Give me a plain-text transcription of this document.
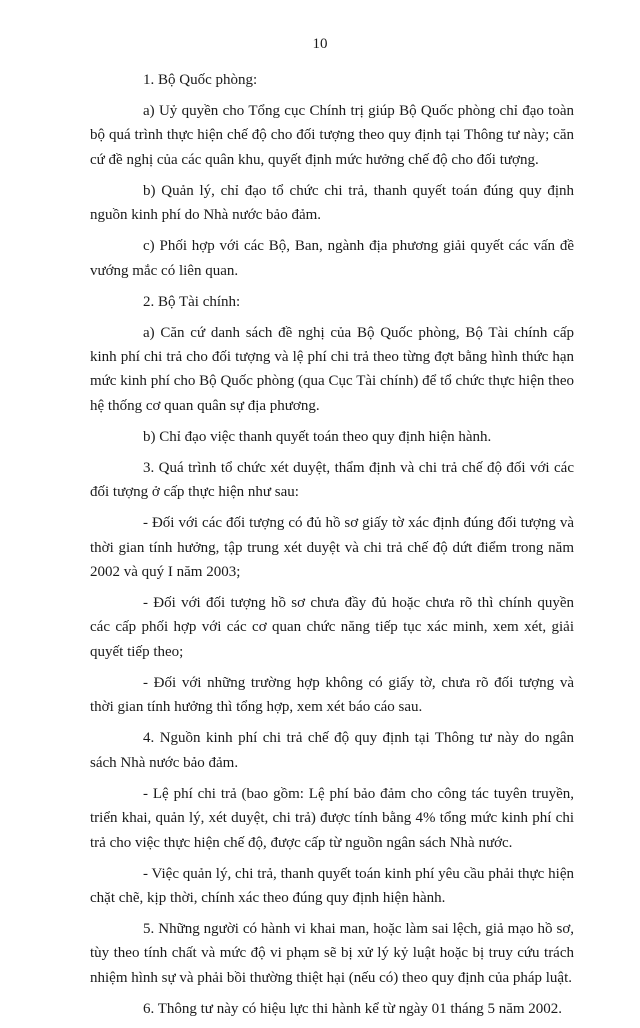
10

1. Bộ Quốc phòng:

a) Uỷ quyền cho Tổng cục Chính trị giúp Bộ Quốc phòng chỉ đạo toàn bộ quá trình thực hiện chế độ cho đối tượng theo quy định tại Thông tư này; căn cứ đề nghị của các quân khu, quyết định mức hưởng chế độ cho đối tượng.

b) Quản lý, chỉ đạo tổ chức chi trả, thanh quyết toán đúng quy định nguồn kinh phí do Nhà nước bảo đảm.

c) Phối hợp với các Bộ, Ban, ngành địa phương giải quyết các vấn đề vướng mắc có liên quan.

2. Bộ Tài chính:

a) Căn cứ danh sách đề nghị của Bộ Quốc phòng, Bộ Tài chính cấp kinh phí chi trả cho đối tượng và lệ phí chi trả theo từng đợt bằng hình thức hạn mức kinh phí cho Bộ Quốc phòng (qua Cục Tài chính) để tổ chức thực hiện theo hệ thống cơ quan quân sự địa phương.

b) Chỉ đạo việc thanh quyết toán theo quy định hiện hành.

3. Quá trình tổ chức xét duyệt, thẩm định và chi trả chế độ đối với các đối tượng ở cấp thực hiện như sau:

- Đối với các đối tượng có đủ hồ sơ giấy tờ xác định đúng đối tượng và thời gian tính hưởng, tập trung xét duyệt và chi trả chế độ dứt điểm trong năm 2002 và quý I năm 2003;

- Đối với đối tượng hồ sơ chưa đầy đủ hoặc chưa rõ thì chính quyền các cấp phối hợp với các cơ quan chức năng tiếp tục xác minh, xem xét, giải quyết tiếp theo;

- Đối với những trường hợp không có giấy tờ, chưa rõ đối tượng và thời gian tính hưởng thì tổng hợp, xem xét báo cáo sau.

4. Nguồn kinh phí chi trả chế độ quy định tại Thông tư này do ngân sách Nhà nước bảo đảm.

- Lệ phí chi trả (bao gồm: Lệ phí bảo đảm cho công tác tuyên truyền, triển khai, quản lý, xét duyệt, chi trả) được tính bằng 4% tổng mức kinh phí chi trả cho việc thực hiện chế độ, được cấp từ nguồn ngân sách Nhà nước.

- Việc quản lý, chi trả, thanh quyết toán kinh phí yêu cầu phải thực hiện chặt chẽ, kịp thời, chính xác theo đúng quy định hiện hành.

5. Những người có hành vi khai man, hoặc làm sai lệch, giả mạo hồ sơ, tùy theo tính chất và mức độ vi phạm sẽ bị xử lý kỷ luật hoặc bị truy cứu trách nhiệm hình sự và phải bồi thường thiệt hại (nếu có) theo quy định của pháp luật.

6. Thông tư này có hiệu lực thi hành kể từ ngày 01 tháng 5 năm 2002.
